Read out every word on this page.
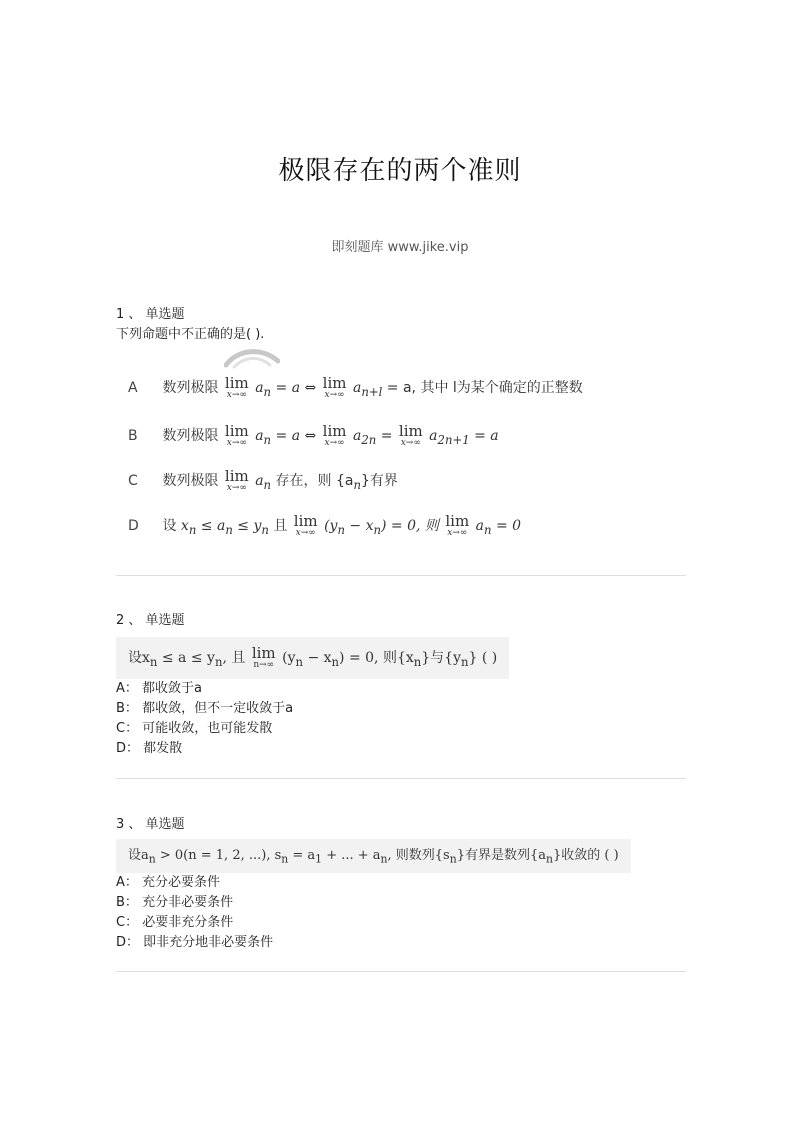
极限存在的两个准则
即刻题库 www.jike.vip

1 、 单选题

下列命题中不正确的是( ).

A 数列极限 lim
x→∞ $a_n = a$ ⇔ lim
x→∞ $a_{n+l} = a$, 其中 l为某个确定的正整数
B 数列极限 lim
x→∞ $a_n = a$ ⇔ lim
x→∞ $a_{2n} = \lim$
x→∞ $a_{2n+1} = a$
C 数列极限 lim
x→∞ $a_n$ 存在，则 $\{a_n\}$有界
D 设 $x_n \le a_n \le y_n$ 且 lim
x→∞ $(y_n - x_n) = 0$, 则 lim
x→∞ $a_n = 0$

2 、 单选题

设$x_n \le a \le y_n$, 且 lim
n→∞ $(y_n - x_n) = 0$, 则$\{x_n\}$与$\{y_n\}$ ( )

A： 都收敛于a

B： 都收敛，但不一定收敛于a

C： 可能收敛，也可能发散

D： 都发散

3 、 单选题

设$a_n > 0(n = 1$, 2, ...), $s_n = a_1$ + ... + $a_n$, 则数列$\{s_n\}$有界是数列$\{a_n\}$收敛的 ( )

A： 充分必要条件

B： 充分非必要条件

C： 必要非充分条件

D： 即非充分地非必要条件
